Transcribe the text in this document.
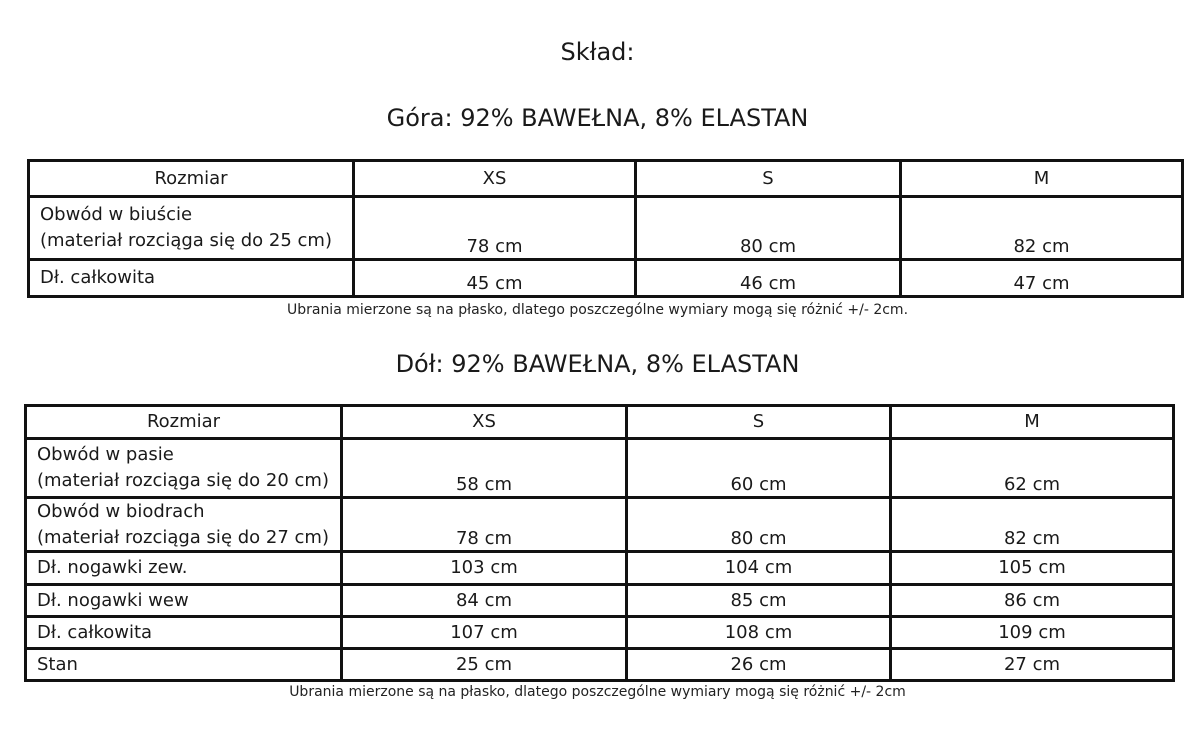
Skład:
Góra: 92% BAWEŁNA, 8% ELASTAN
Rozmiar	XS	S	M

Obwód w biuście
(materiał rozciąga się do 25 cm)	78 cm	80 cm	82 cm
Dł. całkowita	45 cm	46 cm	47 cm
Ubrania mierzone są na płasko, dlatego poszczególne wymiary mogą się różnić +/- 2cm.
Dół: 92% BAWEŁNA, 8% ELASTAN
Rozmiar	XS	S	M

Obwód w pasie
(materiał rozciąga się do 20 cm)	58 cm	60 cm	62 cm

Obwód w biodrach
(materiał rozciąga się do 27 cm)	78 cm	80 cm	82 cm
Dł. nogawki zew.	103 cm	104 cm	105 cm
Dł. nogawki wew	84 cm	85 cm	86 cm
Dł. całkowita	107 cm	108 cm	109 cm
Stan	25 cm	26 cm	27 cm
Ubrania mierzone są na płasko, dlatego poszczególne wymiary mogą się różnić +/- 2cm
